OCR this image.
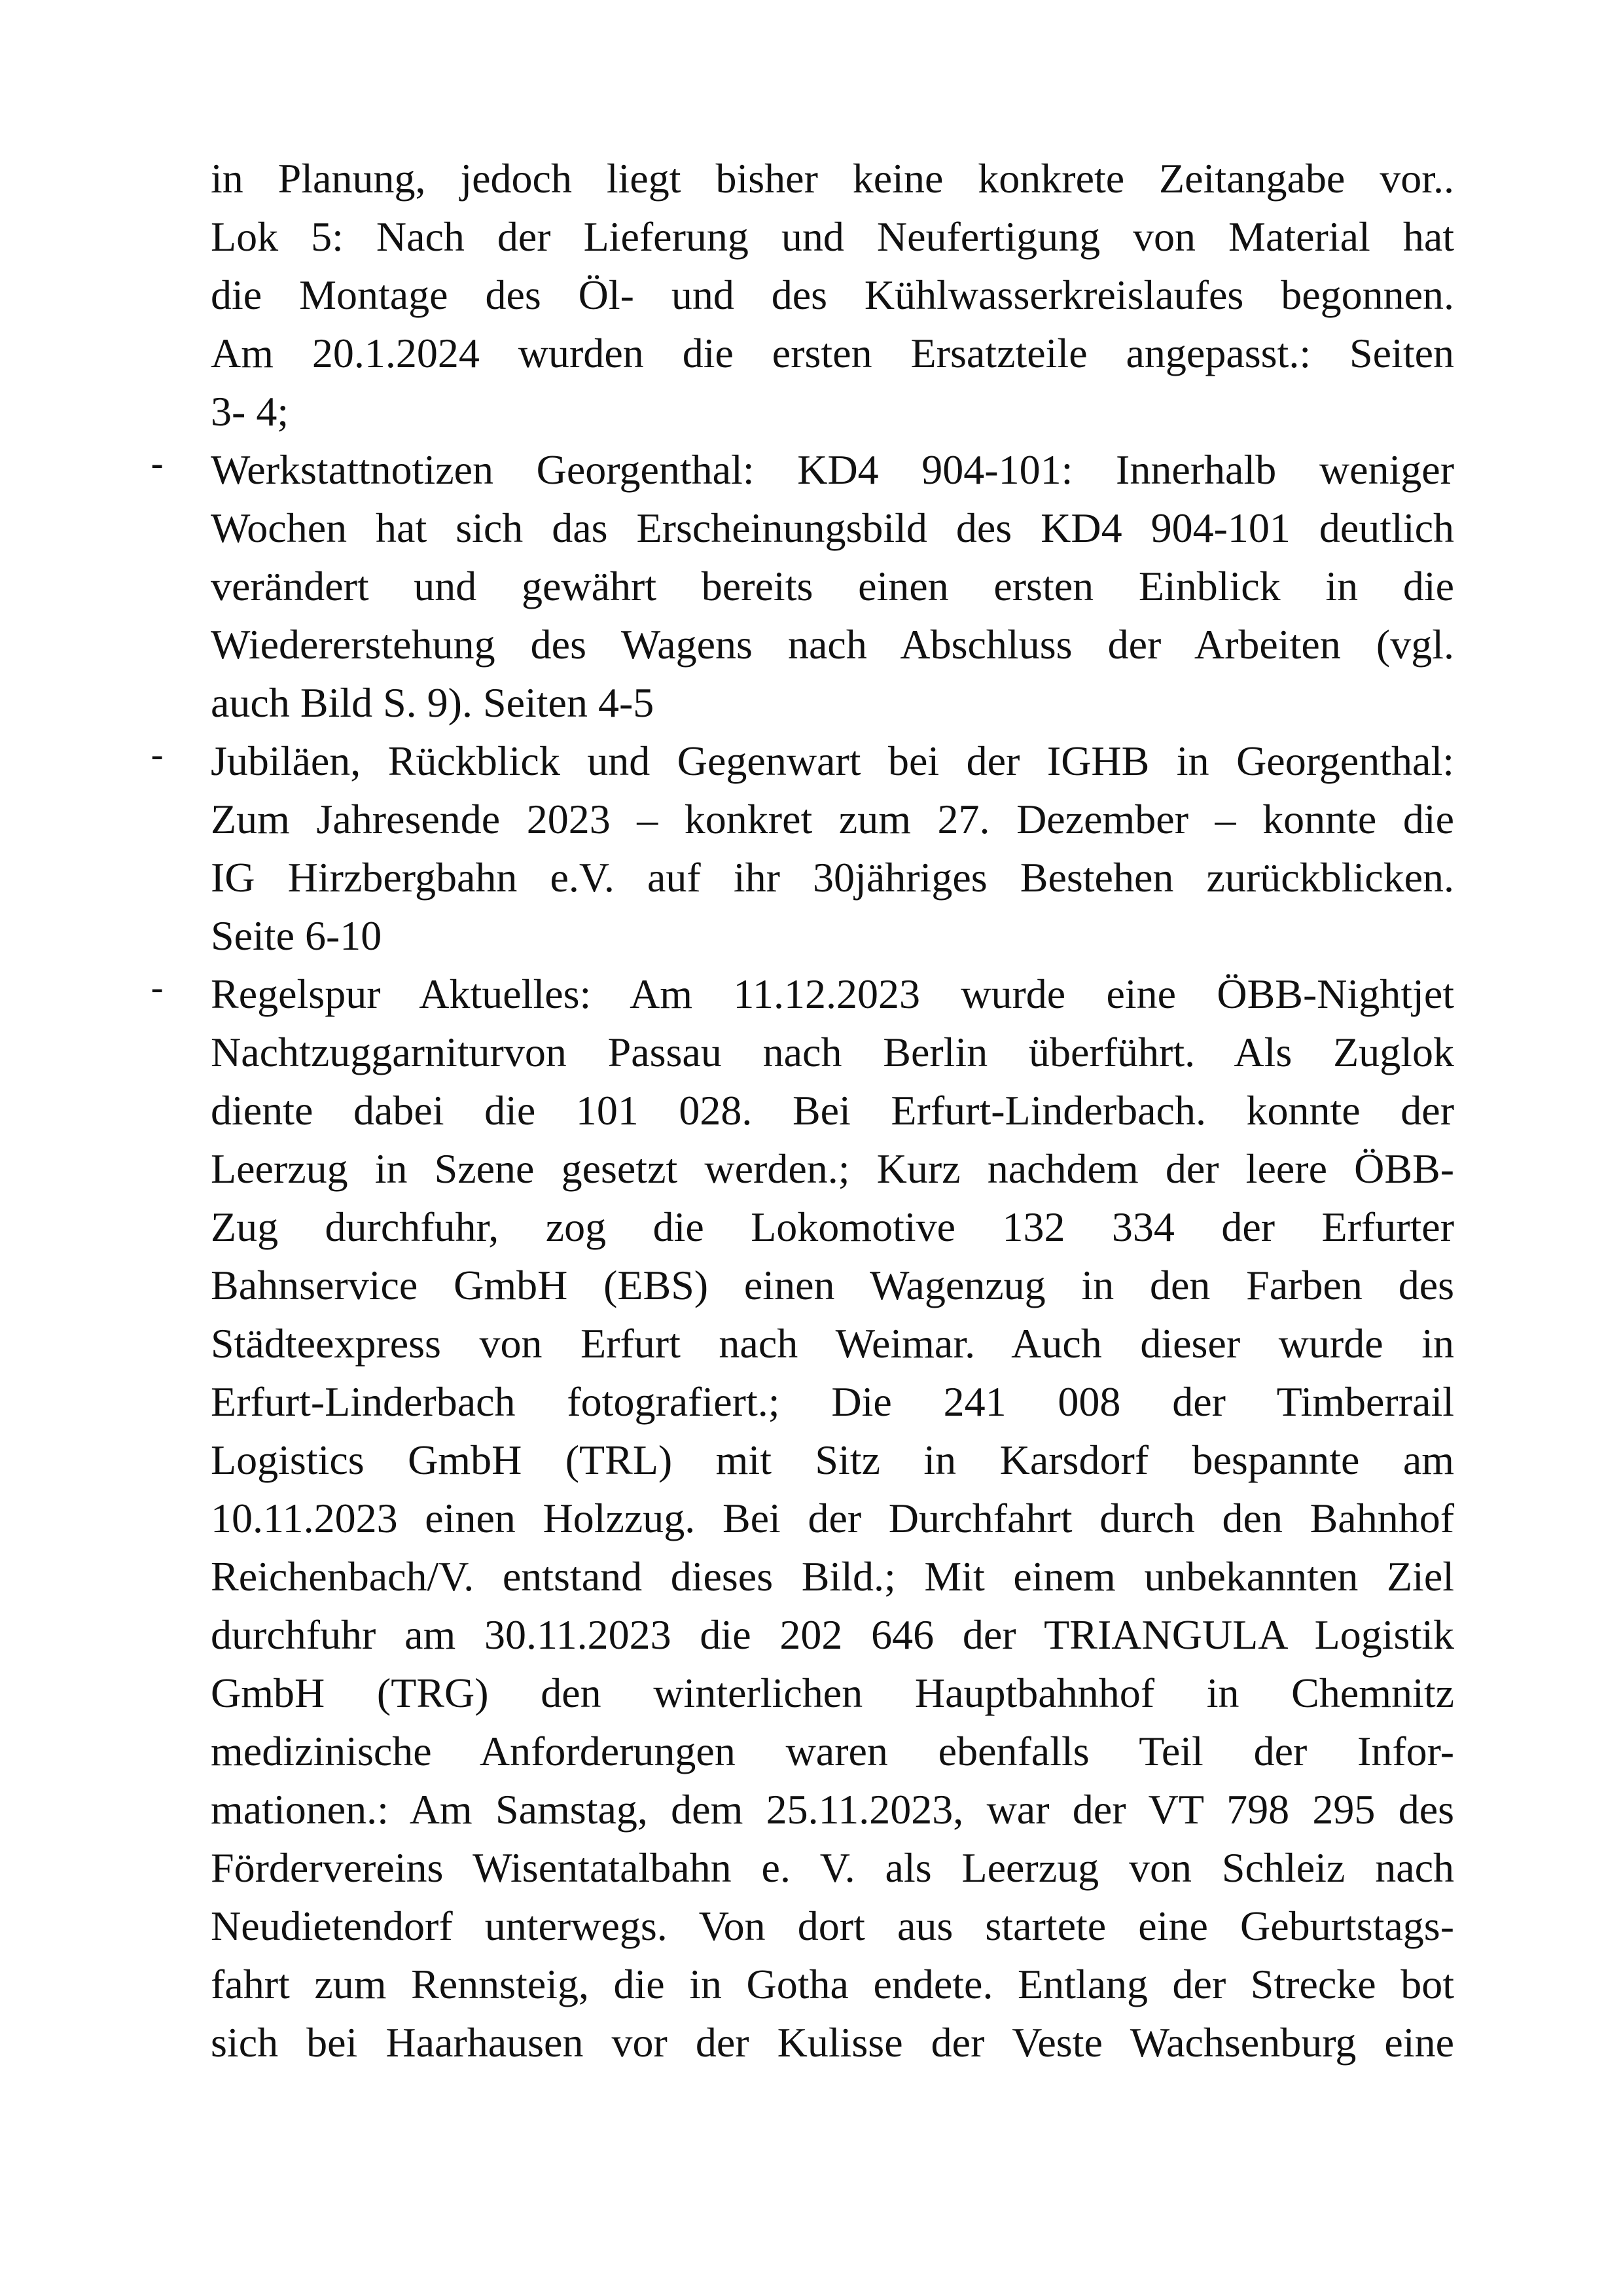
in Planung, jedoch liegt bisher keine konkrete Zeitangabe vor..
Lok 5: Nach der Lieferung und Neufertigung von Material hat
die Montage des Öl- und des Kühlwasserkreislaufes begonnen.
Am 20.1.2024 wurden die ersten Ersatzteile angepasst.: Seiten
3- 4;
- Werkstattnotizen Georgenthal: KD4 904-101: Innerhalb weniger
Wochen hat sich das Erscheinungsbild des KD4 904-101 deutlich
verändert und gewährt bereits einen ersten Einblick in die
Wiedererstehung des Wagens nach Abschluss der Arbeiten (vgl.
auch Bild S. 9). Seiten 4-5
- Jubiläen, Rückblick und Gegenwart bei der IGHB in Georgenthal:
Zum Jahresende 2023 – konkret zum 27. Dezember – konnte die
IG Hirzbergbahn e.V. auf ihr 30jähriges Bestehen zurückblicken.
Seite 6-10
- Regelspur Aktuelles: Am 11.12.2023 wurde eine ÖBB-Nightjet
Nachtzuggarniturvon Passau nach Berlin überführt. Als Zuglok
diente dabei die 101 028. Bei Erfurt-Linderbach. konnte der
Leerzug in Szene gesetzt werden.; Kurz nachdem der leere ÖBB-
Zug durchfuhr, zog die Lokomotive 132 334 der Erfurter
Bahnservice GmbH (EBS) einen Wagenzug in den Farben des
Städteexpress von Erfurt nach Weimar. Auch dieser wurde in
Erfurt-Linderbach fotografiert.; Die 241 008 der Timberrail
Logistics GmbH (TRL) mit Sitz in Karsdorf bespannte am
10.11.2023 einen Holzzug. Bei der Durchfahrt durch den Bahnhof
Reichenbach/V. entstand dieses Bild.; Mit einem unbekannten Ziel
durchfuhr am 30.11.2023 die 202 646 der TRIANGULA Logistik
GmbH (TRG) den winterlichen Hauptbahnhof in Chemnitz
medizinische Anforderungen waren ebenfalls Teil der Infor-
mationen.: Am Samstag, dem 25.11.2023, war der VT 798 295 des
Fördervereins Wisentatalbahn e. V. als Leerzug von Schleiz nach
Neudietendorf unterwegs. Von dort aus startete eine Geburtstags-
fahrt zum Rennsteig, die in Gotha endete. Entlang der Strecke bot
sich bei Haarhausen vor der Kulisse der Veste Wachsenburg eine
